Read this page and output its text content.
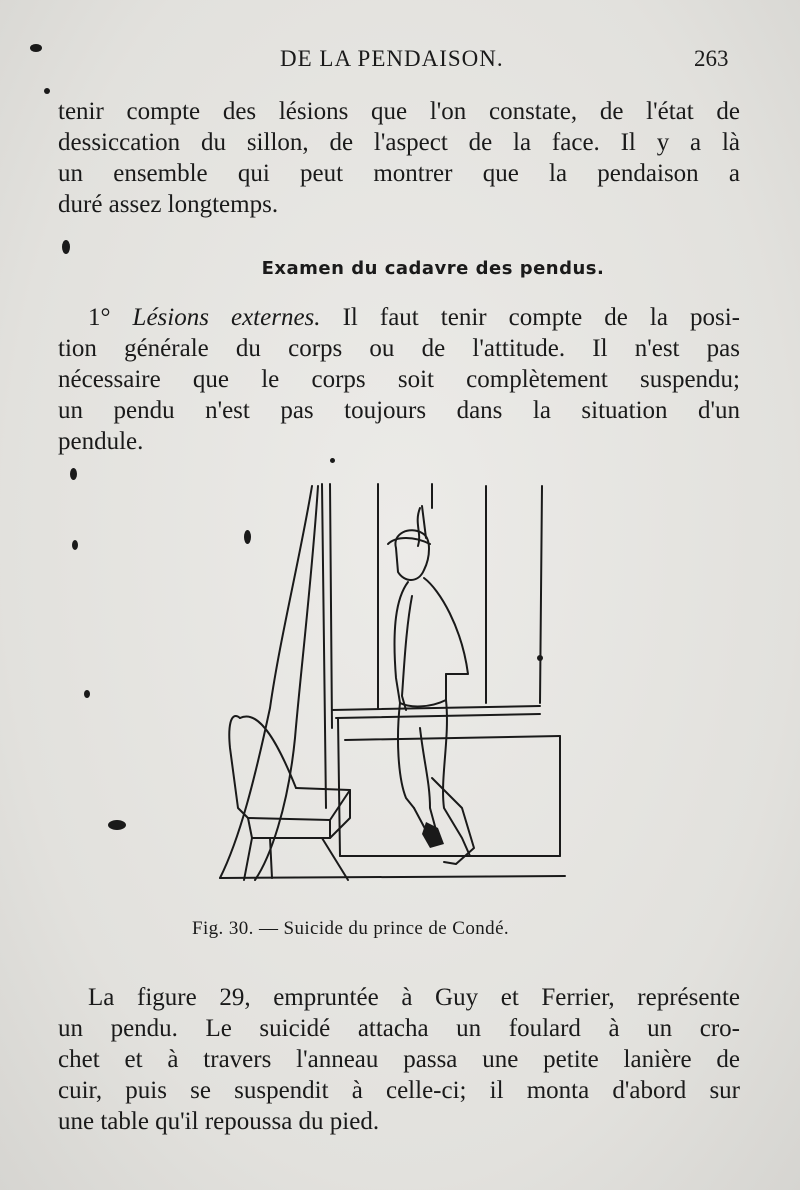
DE LA PENDAISON.	263
tenir compte des lésions que l'on constate, de l'état de
dessiccation du sillon, de l'aspect de la face. Il y a là
un ensemble qui peut montrer que la pendaison a
duré assez longtemps.
Examen du cadavre des pendus.
1° Lésions externes. Il faut tenir compte de la posi-
tion générale du corps ou de l'attitude. Il n'est pas
nécessaire que le corps soit complètement suspendu;
un pendu n'est pas toujours dans la situation d'un
pendule.
Fig. 30. — Suicide du prince de Condé.
La figure 29, empruntée à Guy et Ferrier, représente
un pendu. Le suicidé attacha un foulard à un cro-
chet et à travers l'anneau passa une petite lanière de
cuir, puis se suspendit à celle-ci; il monta d'abord sur
une table qu'il repoussa du pied.
